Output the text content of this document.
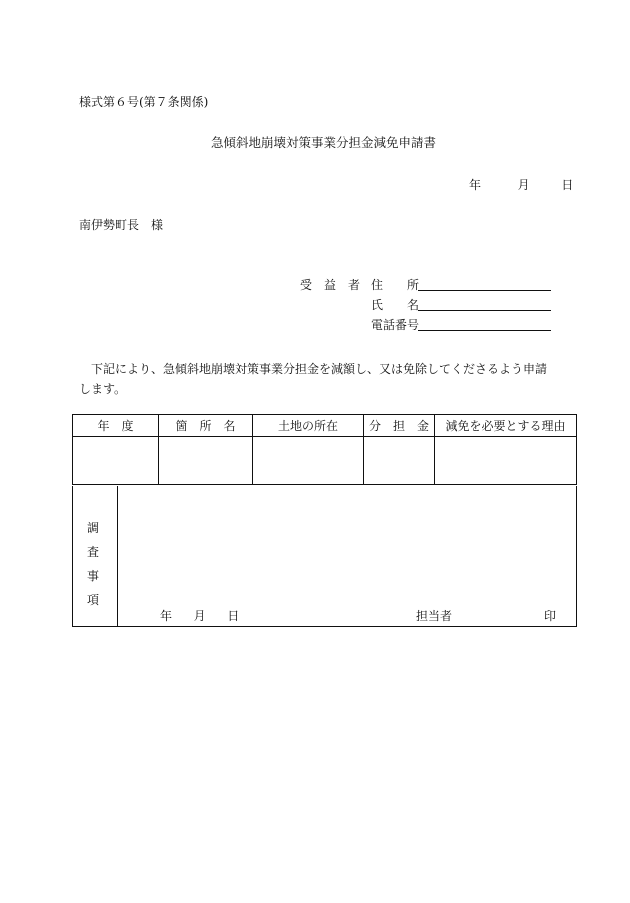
様式第６号(第７条関係)
急傾斜地崩壊対策事業分担金減免申請書
年	月	日
南伊勢町長　様
受　益　者 住　　所
氏　　名
電話番号
下記により、急傾斜地崩壊対策事業分担金を減額し、又は免除してくださるよう申請します。
年　度	箇　所　名	土地の所在	分　担　金	減免を必要とする理由

調
査
事
項
年 月 日	担当者	印
